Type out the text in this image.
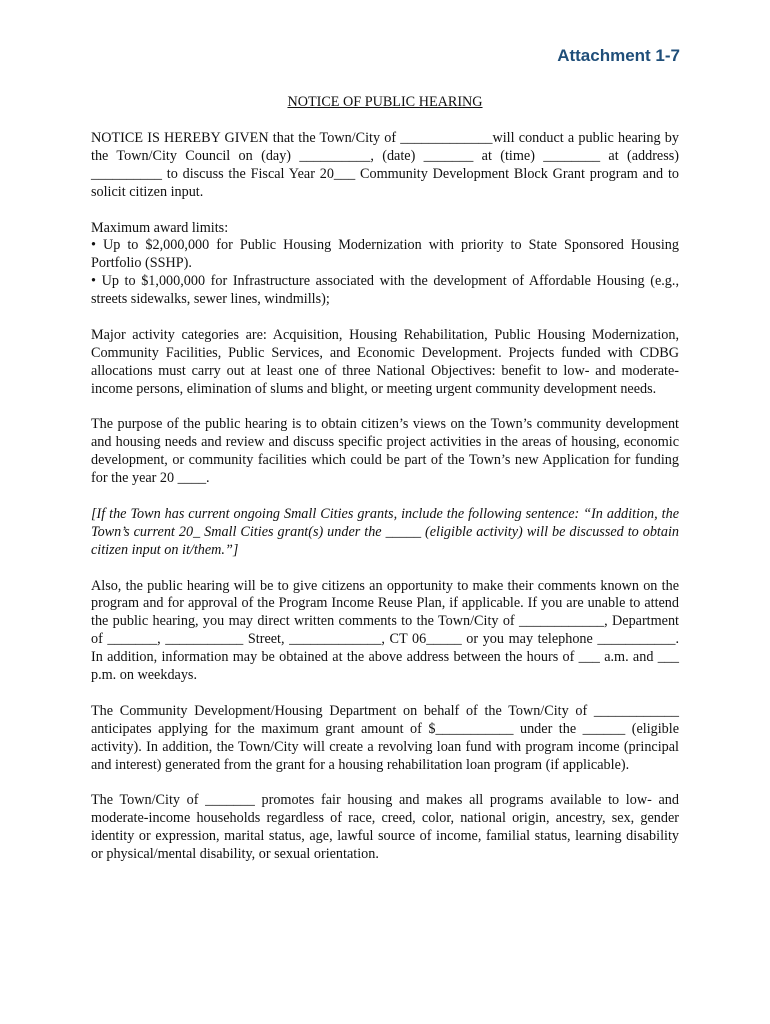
Attachment 1-7
NOTICE OF PUBLIC HEARING
NOTICE IS HEREBY GIVEN that the Town/City of _____________will conduct a public hearing by the Town/City Council on (day) __________, (date) _______ at (time) ________ at (address) __________ to discuss the Fiscal Year 20___ Community Development Block Grant program and to solicit citizen input.
Maximum award limits:
• Up to $2,000,000 for Public Housing Modernization with priority to State Sponsored Housing Portfolio (SSHP).
• Up to $1,000,000 for Infrastructure associated with the development of Affordable Housing (e.g., streets sidewalks, sewer lines, windmills);
Major activity categories are: Acquisition, Housing Rehabilitation, Public Housing Modernization, Community Facilities, Public Services, and Economic Development. Projects funded with CDBG allocations must carry out at least one of three National Objectives: benefit to low- and moderate-income persons, elimination of slums and blight, or meeting urgent community development needs.
The purpose of the public hearing is to obtain citizen’s views on the Town’s community development and housing needs and review and discuss specific project activities in the areas of housing, economic development, or community facilities which could be part of the Town’s new Application for funding for the year 20 ____.
[If the Town has current ongoing Small Cities grants, include the following sentence: “In addition, the Town’s current 20_ Small Cities grant(s) under the _____ (eligible activity) will be discussed to obtain citizen input on it/them.”]
Also, the public hearing will be to give citizens an opportunity to make their comments known on the program and for approval of the Program Income Reuse Plan, if applicable. If you are unable to attend the public hearing, you may direct written comments to the Town/City of ____________, Department of _______, ___________ Street, _____________, CT 06_____ or you may telephone ___________. In addition, information may be obtained at the above address between the hours of ___ a.m. and ___ p.m. on weekdays.
The Community Development/Housing Department on behalf of the Town/City of ____________ anticipates applying for the maximum grant amount of $___________ under the ______ (eligible activity). In addition, the Town/City will create a revolving loan fund with program income (principal and interest) generated from the grant for a housing rehabilitation loan program (if applicable).
The Town/City of _______ promotes fair housing and makes all programs available to low- and moderate-income households regardless of race, creed, color, national origin, ancestry, sex, gender identity or expression, marital status, age, lawful source of income, familial status, learning disability or physical/mental disability, or sexual orientation.
